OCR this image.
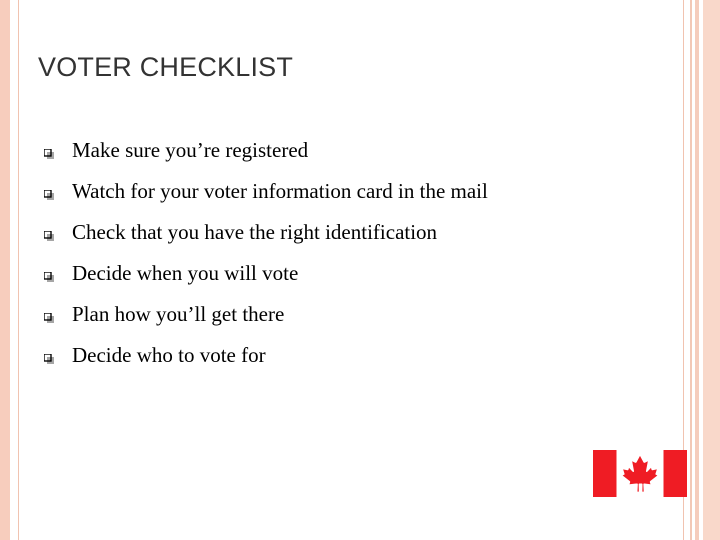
VOTER CHECKLIST
Make sure you’re registered
Watch for your voter information card in the mail
Check that you have the right identification
Decide when you will vote
Plan how you’ll get there
Decide who to vote for
